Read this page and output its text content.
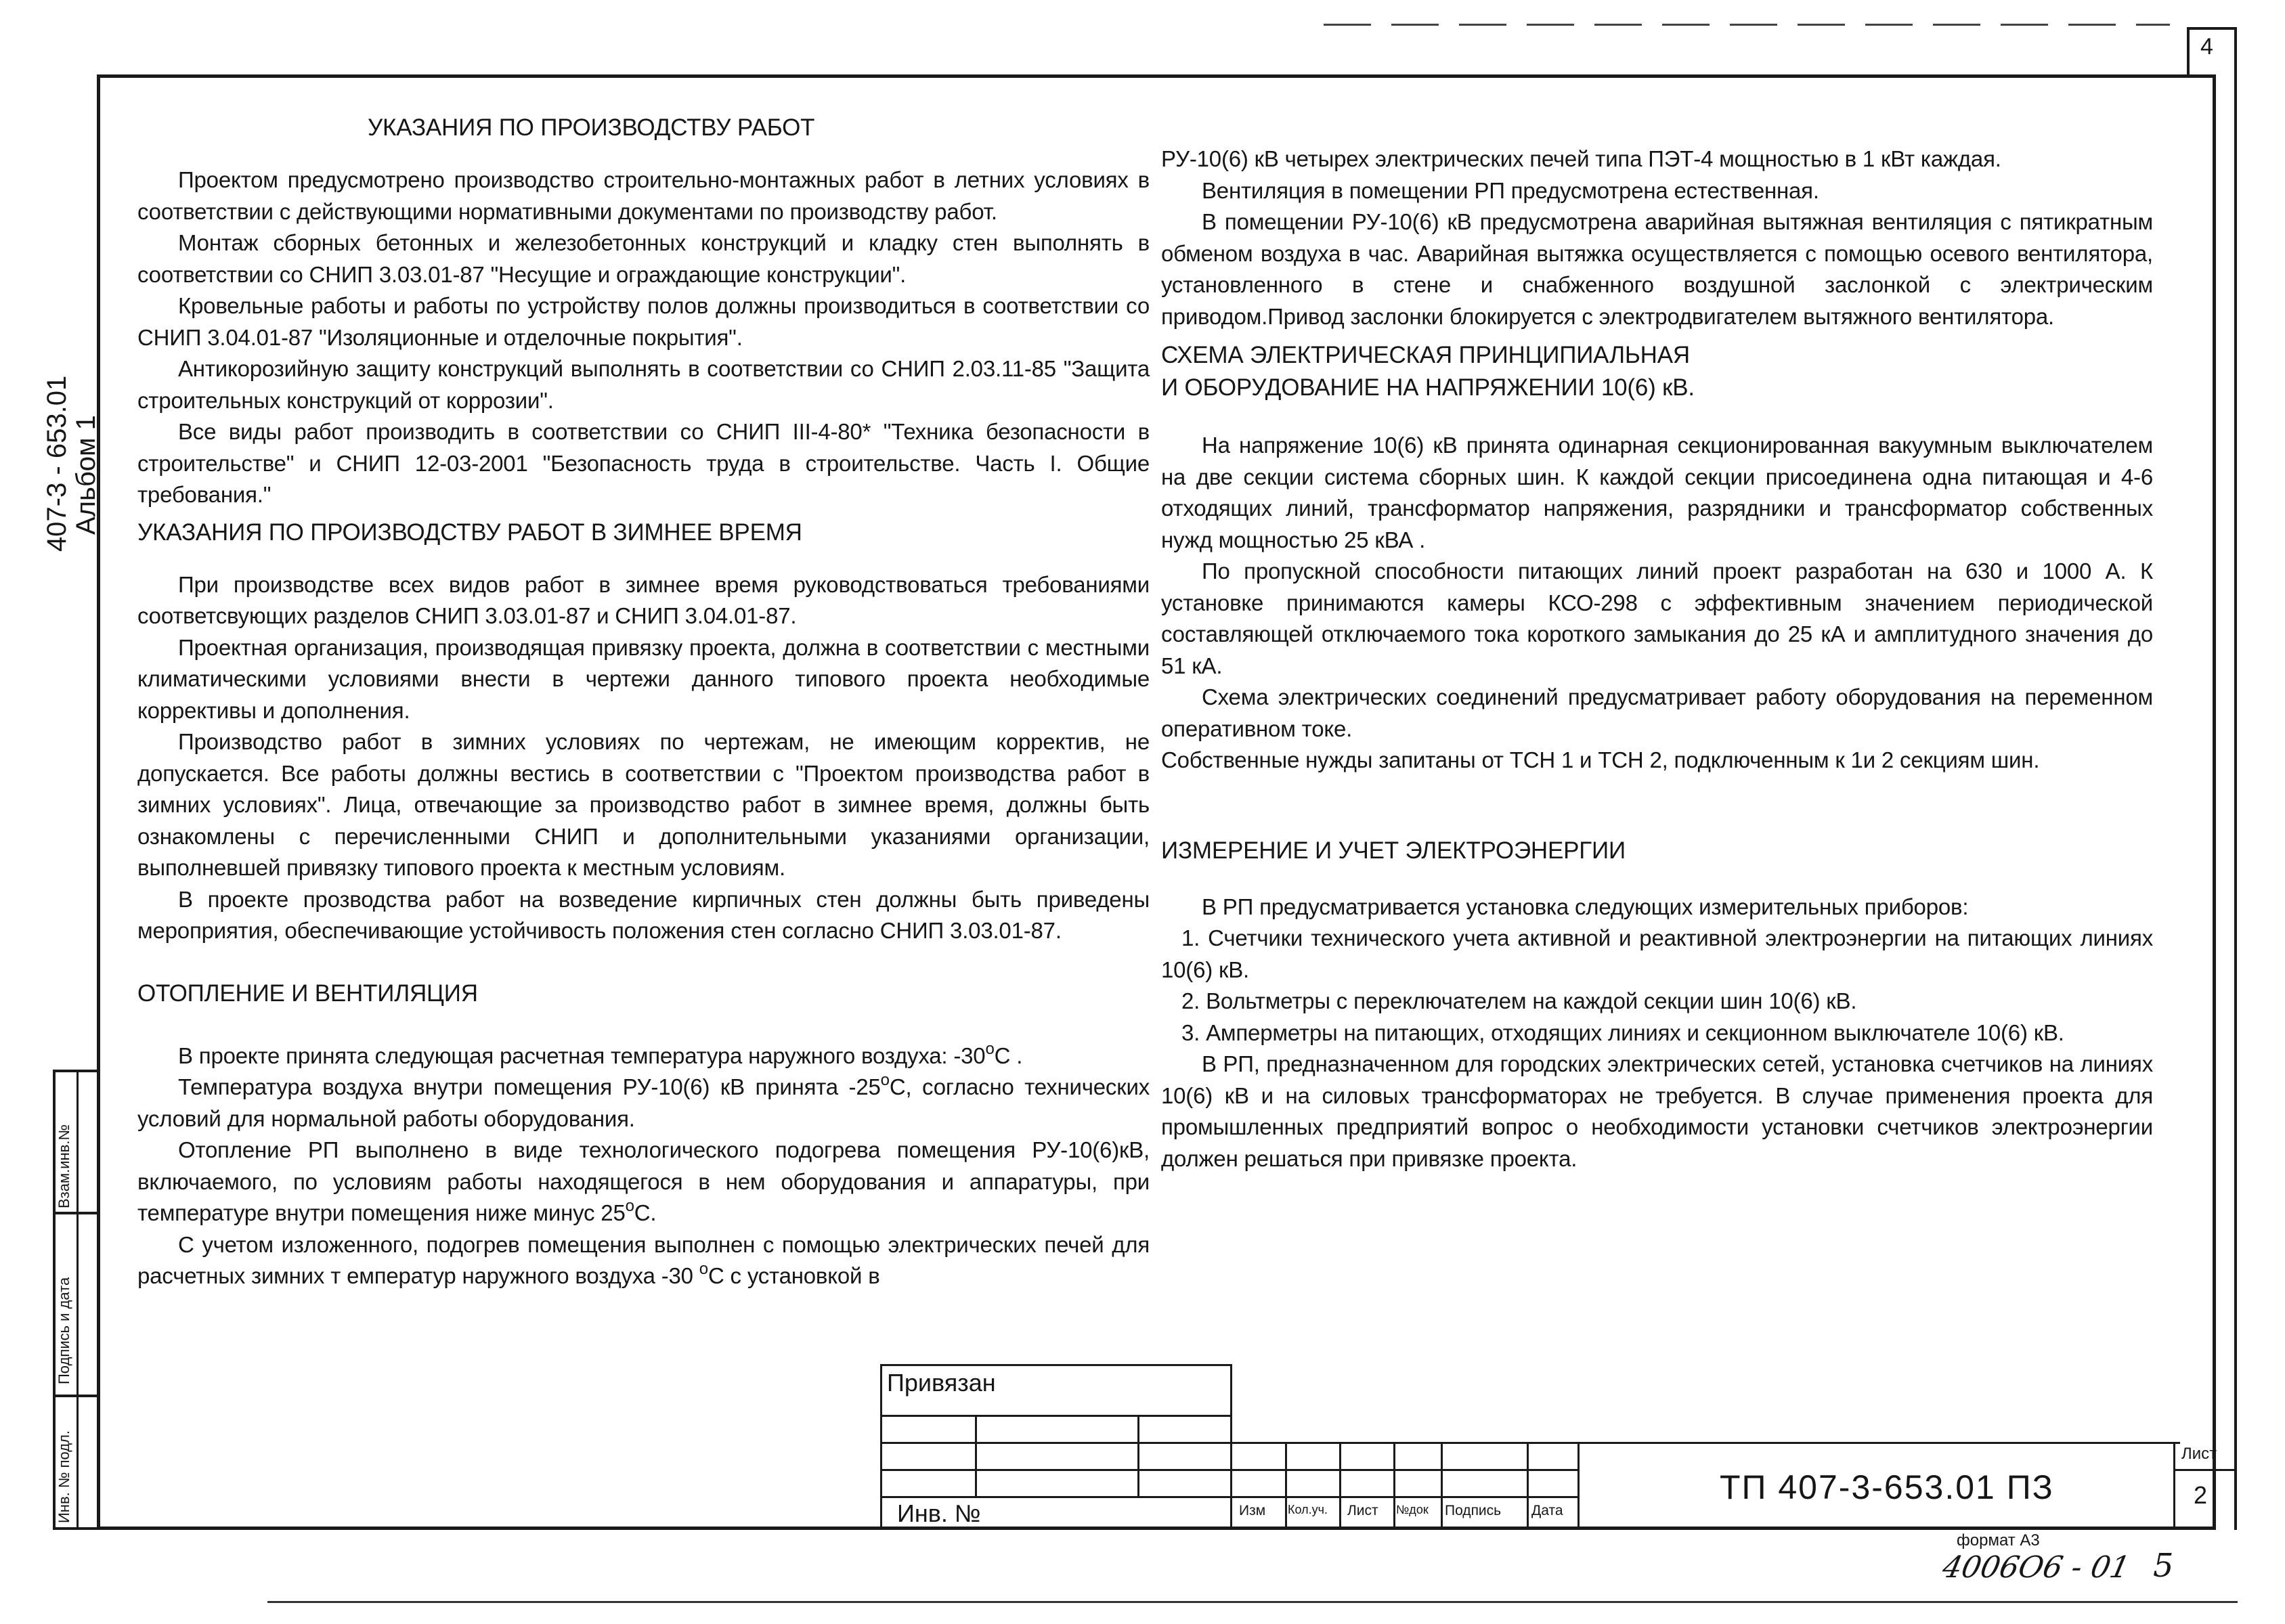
4
407-3 - 653.01 Альбом 1
Взам.инв.№
Подпись и дата
Инв. № подл.

УКАЗАНИЯ ПО ПРОИЗВОДСТВУ РАБОТ

Проектом предусмотрено производство строительно-монтажных работ в летних условиях в соответствии с действующими нормативными документами по производству работ.

Монтаж сборных бетонных и железобетонных конструкций и кладку стен выполнять в соответствии со СНИП 3.03.01-87 "Несущие и ограждающие конструкции".

Кровельные работы и работы по устройству полов должны производиться в соответствии со СНИП 3.04.01-87 "Изоляционные и отделочные покрытия".

Антикорозийную защиту конструкций выполнять в соответствии со СНИП 2.03.11-85 "Защита строительных конструкций от коррозии".

Все виды работ производить в соответствии со СНИП III-4-80* "Техника безопасности в строительстве" и СНИП 12-03-2001 "Безопасность труда в строительстве. Часть I. Общие требования."

УКАЗАНИЯ ПО ПРОИЗВОДСТВУ РАБОТ В ЗИМНЕЕ ВРЕМЯ

При производстве всех видов работ в зимнее время руководствоваться требованиями соответсвующих разделов СНИП 3.03.01-87 и СНИП 3.04.01-87.

Проектная организация, производящая привязку проекта, должна в соответствии с местными климатическими условиями внести в чертежи данного типового проекта необходимые коррективы и дополнения.

Производство работ в зимних условиях по чертежам, не имеющим корректив, не допускается. Все работы должны вестись в соответствии с "Проектом производства работ в зимних условиях". Лица, отвечающие за производство работ в зимнее время, должны быть ознакомлены с перечисленными СНИП и дополнительными указаниями организации, выполневшей привязку типового проекта к местным условиям.

В проекте прозводства работ на возведение кирпичных стен должны быть приведены мероприятия, обеспечивающие устойчивость положения стен согласно СНИП 3.03.01-87.

ОТОПЛЕНИЕ И ВЕНТИЛЯЦИЯ

В проекте принята следующая расчетная температура наружного воздуха: -30$^o$C .

Температура воздуха внутри помещения РУ-10(6) кВ принята -25$^o$C, согласно технических условий для нормальной работы оборудования.

Отопление РП выполнено в виде технологического подогрева помещения РУ-10(6)кВ, включаемого, по условиям работы находящегося в нем оборудования и аппаратуры, при температуре внутри помещения ниже минус 25$^o$C.

С учетом изложенного, подогрев помещения выполнен с помощью электрических печей для расчетных зимних т емператур наружного воздуха -30 $^o$С с установкой в

РУ-10(6) кВ четырех электрических печей типа ПЭТ-4 мощностью в 1 кВт каждая.

Вентиляция в помещении РП предусмотрена естественная.

В помещении РУ-10(6) кВ предусмотрена аварийная вытяжная вентиляция с пятикратным обменом воздуха в час. Аварийная вытяжка осуществляется с помощью осевого вентилятора, установленного в стене и снабженного воздушной заслонкой с электрическим приводом.Привод заслонки блокируется с электродвигателем вытяжного вентилятора.

СХЕМА ЭЛЕКТРИЧЕСКАЯ ПРИНЦИПИАЛЬНАЯ

И ОБОРУДОВАНИЕ НА НАПРЯЖЕНИИ 10(6) кВ.

На напряжение 10(6) кВ принята одинарная секционированная вакуумным выключателем на две секции система сборных шин. К каждой секции присоединена одна питающая и 4-6 отходящих линий, трансформатор напряжения, разрядники и трансформатор собственных нужд мощностью 25 кВА .

По пропускной способности питающих линий проект разработан на 630 и 1000 А. К установке принимаются камеры КСО-298 с эффективным значением периодической составляющей отключаемого тока короткого замыкания до 25 кА и амплитудного значения до 51 кА.

Схема электрических соединений предусматривает работу оборудования на переменном оперативном токе.

Собственные нужды запитаны от ТСН 1 и ТСН 2, подключенным к 1и 2 секциям шин.

ИЗМЕРЕНИЕ И УЧЕТ ЭЛЕКТРОЭНЕРГИИ

В РП предусматривается установка следующих измерительных приборов:

1. Счетчики технического учета активной и реактивной электроэнергии на питающих линиях 10(6) кВ.

2. Вольтметры с переключателем на каждой секции шин 10(6) кВ.

3. Амперметры на питающих, отходящих линиях и секционном выключателе 10(6) кВ.

В РП, предназначенном для городских электрических сетей, установка счетчиков на линиях 10(6) кВ и на силовых трансформаторах не требуется. В случае применения проекта для промышленных предприятий вопрос о необходимости установки счетчиков электроэнергии должен решаться при привязке проекта.

Привязан
Инв. №	Изм Кол.уч. Лист №док Подпись Дата
ТП 407-3-653.01 ПЗ
Лист
2
формат А3
4006О6 - 01 5
